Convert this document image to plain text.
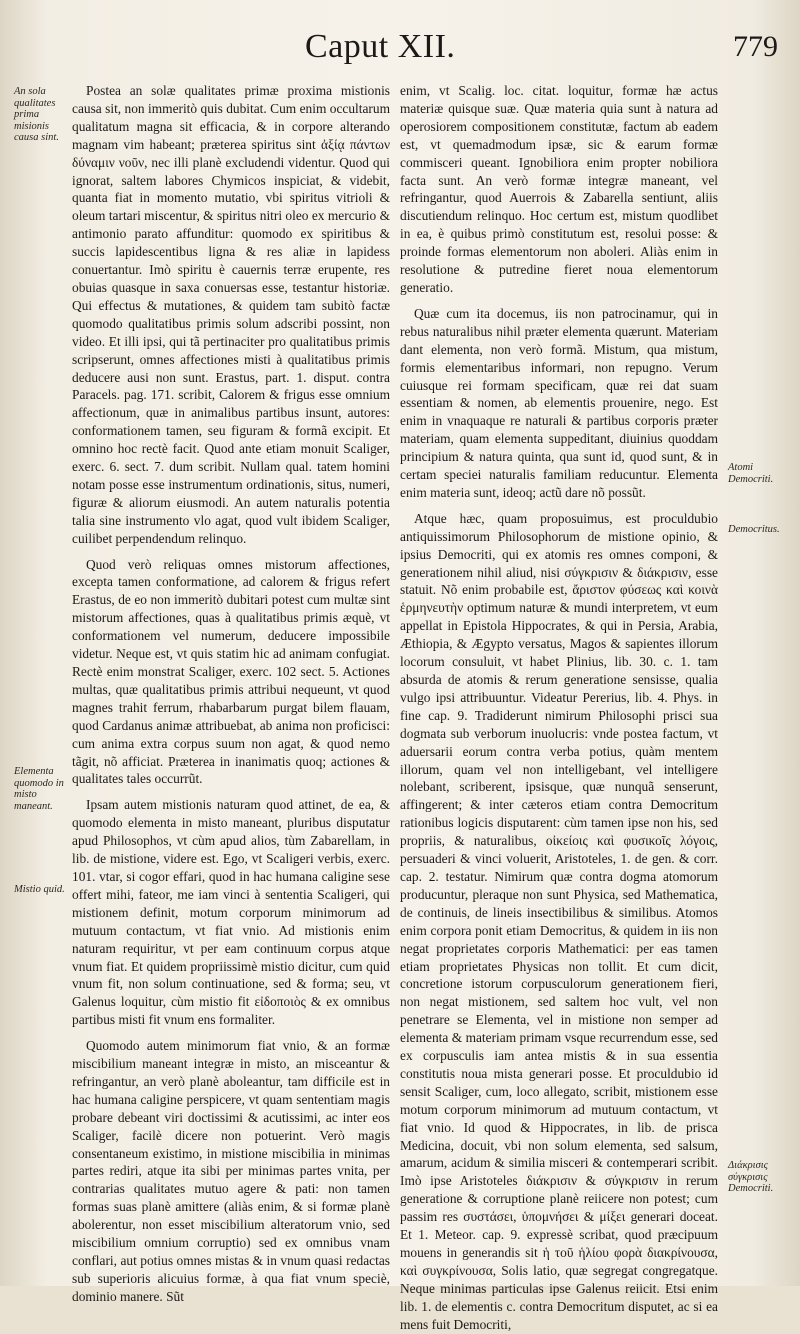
Caput XII.	779
An sola qualitates prima misionis causa sint.
Elementa quomodo in misto maneant.
Mistio quid.
Atomi Democriti.
Democritus.
Διάκρισις σύγκρισις Democriti.

Postea an solæ qualitates primæ proxima mistionis causa sit, non immeritò quis dubitat. Cum enim occultarum qualitatum magna sit efficacia, & in corpore alterando magnam vim habeant; præterea spiritus sint ἀξίᾳ πάντων δύναμιν νοῦν, nec illi planè excludendi videntur. Quod qui ignorat, saltem labores Chymicos inspiciat, & videbit, quanta fiat in momento mutatio, vbi spiritus vitrioli & oleum tartari miscentur, & spiritus nitri oleo ex mercurio & antimonio parato affunditur: quomodo ex spiritibus & succis lapidescentibus ligna & res aliæ in lapidess conuertantur. Imò spiritu è cauernis terræ erupente, res obuias quasque in saxa conuersas esse, testantur historiæ. Qui effectus & mutationes, & quidem tam subitò factæ quomodo qualitatibus primis solum adscribi possint, non video. Et illi ipsi, qui tã pertinaciter pro qualitatibus primis scripserunt, omnes affectiones misti à qualitatibus primis deducere ausi non sunt. Erastus, part. 1. disput. contra Paracels. pag. 171. scribit, Calorem & frigus esse omnium affectionum, quæ in animalibus partibus insunt, autores: conformationem tamen, seu figuram & formã excipit. Et omnino hoc rectè facit. Quod ante etiam monuit Scaliger, exerc. 6. sect. 7. dum scribit. Nullam qual. tatem homini notam posse esse instrumentum ordinationis, situs, numeri, figuræ & aliorum eiusmodi. An autem naturalis potentia talia sine instrumento vlo agat, quod vult ibidem Scaliger, cuilibet perpendendum relinquo.

Quod verò reliquas omnes mistorum affectiones, excepta tamen conformatione, ad calorem & frigus refert Erastus, de eo non immeritò dubitari potest cum multæ sint mistorum affectiones, quas à qualitatibus primis æquè, vt conformationem vel numerum, deducere impossibile videtur. Neque est, vt quis statim hic ad animam confugiat. Rectè enim monstrat Scaliger, exerc. 102 sect. 5. Actiones multas, quæ qualitatibus primis attribui nequeunt, vt quod magnes trahit ferrum, rhabarbarum purgat bilem flauam, quod Cardanus animæ attribuebat, ab anima non proficisci: cum anima extra corpus suum non agat, & quod nemo tãgit, nõ afficiat. Præterea in inanimatis quoq; actiones & qualitates tales occurrũt.

Ipsam autem mistionis naturam quod attinet, de ea, & quomodo elementa in misto maneant, pluribus disputatur apud Philosophos, vt cùm apud alios, tùm Zabarellam, in lib. de mistione, videre est. Ego, vt Scaligeri verbis, exerc. 101. vtar, si cogor effari, quod in hac humana caligine sese offert mihi, fateor, me iam vinci à sententia Scaligeri, qui mistionem definit, motum corporum minimorum ad mutuum contactum, vt fiat vnio. Ad mistionis enim naturam requiritur, vt per eam continuum corpus atque vnum fiat. Et quidem propriissimè mistio dicitur, cum quid vnum fit, non solum continuatione, sed & forma; seu, vt Galenus loquitur, cùm mistio fit εἰδοποιὸς & ex omnibus partibus misti fit vnum ens formaliter.

Quomodo autem minimorum fiat vnio, & an formæ miscibilium maneant integræ in misto, an misceantur & refringantur, an verò planè aboleantur, tam difficile est in hac humana caligine perspicere, vt quam sententiam magis probare debeant viri doctissimi & acutissimi, ac inter eos Scaliger, facilè dicere non potuerint. Verò magis consentaneum existimo, in mistione miscibilia in minimas partes rediri, atque ita sibi per minimas partes vnita, per contrarias qualitates mutuo agere & pati: non tamen formas suas planè amittere (aliàs enim, & si formæ planè abolerentur, non esset miscibilium alteratorum vnio, sed miscibilium omnium corruptio) sed ex omnibus vnam conflari, aut potius omnes mistas & in vnum quasi redactas sub superioris alicuius formæ, à qua fiat vnum speciè, dominio manere. Sũt

enim, vt Scalig. loc. citat. loquitur, formæ hæ actus materiæ quisque suæ. Quæ materia quia sunt à natura ad operosiorem compositionem constitutæ, factum ab eadem est, vt quemadmodum ipsæ, sic & earum formæ commisceri queant. Ignobiliora enim propter nobiliora facta sunt. An verò formæ integræ maneant, vel refringantur, quod Auerrois & Zabarella sentiunt, aliis discutiendum relinquo. Hoc certum est, mistum quodlibet in ea, è quibus primò constitutum est, resolui posse: & proinde formas elementorum non aboleri. Aliàs enim in resolutione & putredine fieret noua elementorum generatio.

Quæ cum ita docemus, iis non patrocinamur, qui in rebus naturalibus nihil præter elementa quærunt. Materiam dant elementa, non verò formã. Mistum, qua mistum, formis elementaribus informari, non repugno. Verum cuiusque rei formam specificam, quæ rei dat suam essentiam & nomen, ab elementis prouenire, nego. Est enim in vnaquaque re naturali & partibus corporis præter materiam, quam elementa suppeditant, diuinius quoddam principium & natura quinta, qua sunt id, quod sunt, & in certam speciei naturalis familiam reducuntur. Elementa enim materia sunt, ideoq; actũ dare nõ possũt.

Atque hæc, quam proposuimus, est proculdubio antiquissimorum Philosophorum de mistione opinio, & ipsius Democriti, qui ex atomis res omnes componi, & generationem nihil aliud, nisi σύγκρισιν & διάκρισιν, esse statuit. Nõ enim probabile est, ἄριστον φύσεως καὶ κοινὰ ἑρμηνευτὴν optimum naturæ & mundi interpretem, vt eum appellat in Epistola Hippocrates, & qui in Persia, Arabia, Æthiopia, & Ægypto versatus, Magos & sapientes illorum locorum consuluit, vt habet Plinius, lib. 30. c. 1. tam absurda de atomis & rerum generatione sensisse, qualia vulgo ipsi attribuuntur. Videatur Pererius, lib. 4. Phys. in fine cap. 9. Tradiderunt nimirum Philosophi prisci sua dogmata sub verborum inuolucris: vnde postea factum, vt aduersarii eorum contra verba potius, quàm mentem illorum, quam vel non intelligebant, vel intelligere nolebant, scriberent, ipsisque, quæ nunquã senserunt, affingerent; & inter cæteros etiam contra Democritum rationibus logicis disputarent: cùm tamen ipse non his, sed propriis, & naturalibus, οἰκείοις καὶ φυσικοῖς λόγοις, persuaderi & vinci voluerit, Aristoteles, 1. de gen. & corr. cap. 2. testatur. Nimirum quæ contra dogma atomorum producuntur, pleraque non sunt Physica, sed Mathematica, de continuis, de lineis insectibilibus & similibus. Atomos enim corpora ponit etiam Democritus, & quidem in iis non negat proprietates corporis Mathematici: per eas tamen etiam proprietates Physicas non tollit. Et cum dicit, concretione istorum corpusculorum generationem fieri, non negat mistionem, sed saltem hoc vult, vel non penetrare se Elementa, vel in mistione non semper ad elementa & materiam primam vsque recurrendum esse, sed ex corpusculis iam antea mistis & in sua essentia constitutis noua mista generari posse. Et proculdubio id sensit Scaliger, cum, loco allegato, scribit, mistionem esse motum corporum minimorum ad mutuum contactum, vt fiat vnio. Id quod & Hippocrates, in lib. de prisca Medicina, docuit, vbi non solum elementa, sed salsum, amarum, acidum & similia misceri & contemperari scribit. Imò ipse Aristoteles διάκρισιν & σύγκρισιν in rerum generatione & corruptione planè reiicere non potest; cum passim res συστάσει, ὑπομνήσει & μίξει generari doceat. Et 1. Meteor. cap. 9. expressè scribat, quod præcipuum mouens in generandis sit ἡ τοῦ ἡλίου φορὰ διακρίνουσα, καὶ συγκρίνουσα, Solis latio, quæ segregat congregatque. Neque minimas particulas ipse Galenus reiicit. Etsi enim lib. 1. de elementis c. contra Democritum disputet, ac si ea mens fuit Democriti,
